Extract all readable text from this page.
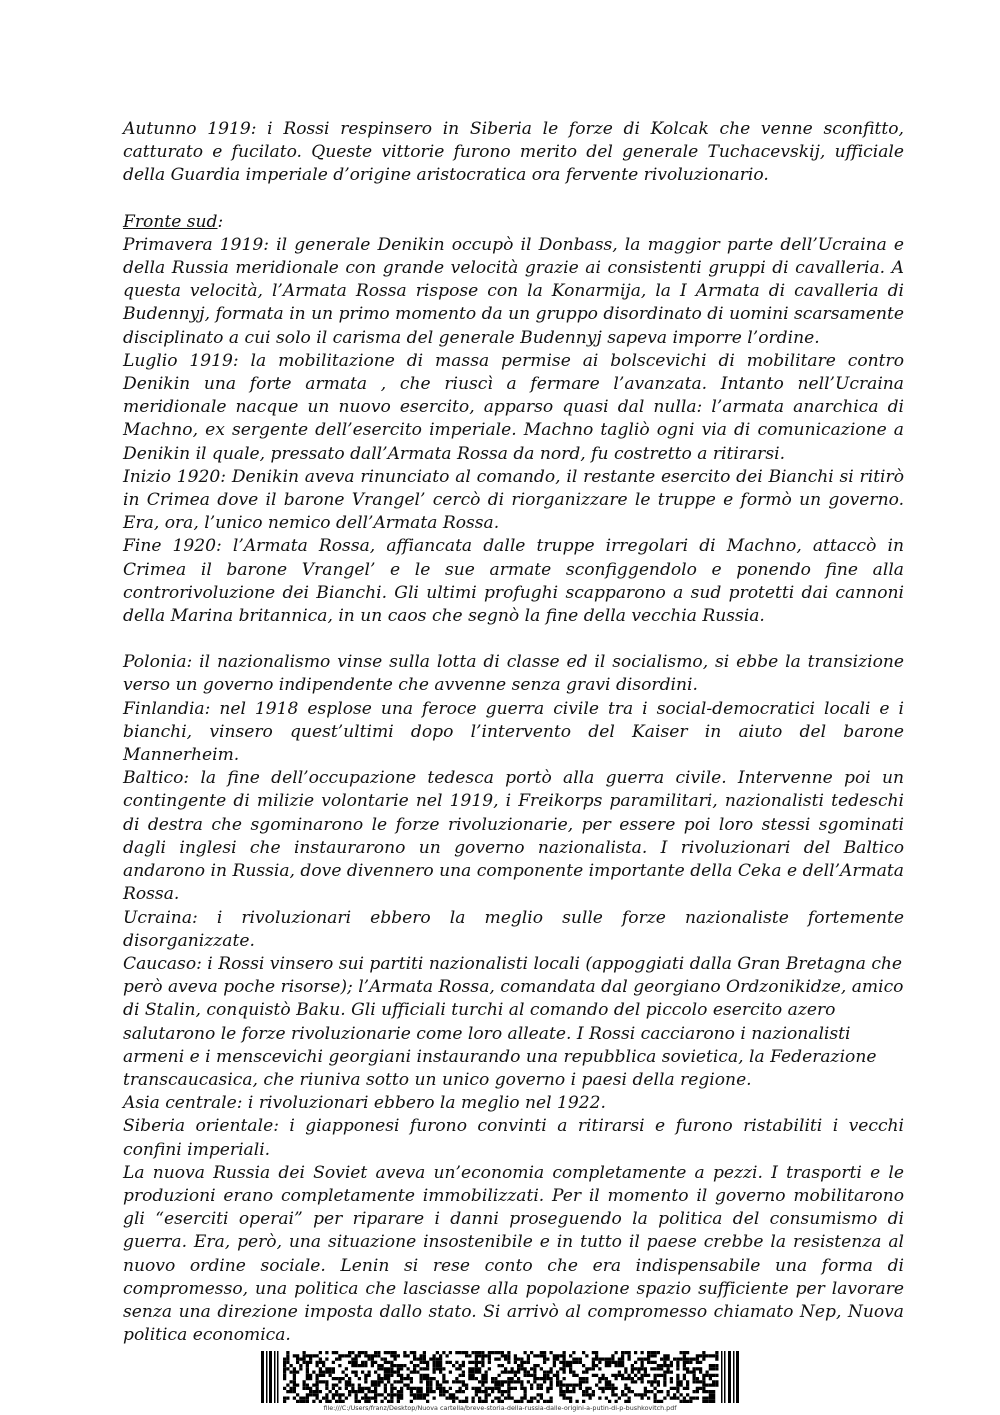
Autunno 1919: i Rossi respinsero in Siberia le forze di Kolcak che venne sconfitto, catturato e fucilato. Queste vittorie furono merito del generale Tuchacevskij, ufficiale della Guardia imperiale d’origine aristocratica ora fervente rivoluzionario.

Fronte sud:

Primavera 1919: il generale Denikin occupò il Donbass, la maggior parte dell’Ucraina e della Russia meridionale con grande velocità grazie ai consistenti gruppi di cavalleria. A questa velocità, l’Armata Rossa rispose con la Konarmija, la I Armata di cavalleria di Budennyj, formata in un primo momento da un gruppo disordinato di uomini scarsamente disciplinato a cui solo il carisma del generale Budennyj sapeva imporre l’ordine.

Luglio 1919: la mobilitazione di massa permise ai bolscevichi di mobilitare contro Denikin una forte armata , che riuscì a fermare l’avanzata. Intanto nell’Ucraina meridionale nacque un nuovo esercito, apparso quasi dal nulla: l’armata anarchica di Machno, ex sergente dell’esercito imperiale. Machno tagliò ogni via di comunicazione a Denikin il quale, pressato dall’Armata Rossa da nord, fu costretto a ritirarsi.

Inizio 1920: Denikin aveva rinunciato al comando, il restante esercito dei Bianchi si ritirò in Crimea dove il barone Vrangel’ cercò di riorganizzare le truppe e formò un governo. Era, ora, l’unico nemico dell’Armata Rossa.

Fine 1920: l’Armata Rossa, affiancata dalle truppe irregolari di Machno, attaccò in Crimea il barone Vrangel’ e le sue armate sconfiggendolo e ponendo fine alla controrivoluzione dei Bianchi. Gli ultimi profughi scapparono a sud protetti dai cannoni della Marina britannica, in un caos che segnò la fine della vecchia Russia.

Polonia: il nazionalismo vinse sulla lotta di classe ed il socialismo, si ebbe la transizione verso un governo indipendente che avvenne senza gravi disordini.

Finlandia: nel 1918 esplose una feroce guerra civile tra i social-democratici locali e i bianchi, vinsero quest’ultimi dopo l’intervento del Kaiser in aiuto del barone Mannerheim.

Baltico: la fine dell’occupazione tedesca portò alla guerra civile. Intervenne poi un contingente di milizie volontarie nel 1919, i Freikorps paramilitari, nazionalisti tedeschi di destra che sgominarono le forze rivoluzionarie, per essere poi loro stessi sgominati dagli inglesi che instaurarono un governo nazionalista. I rivoluzionari del Baltico andarono in Russia, dove divennero una componente importante della Ceka e dell’Armata Rossa.

Ucraina: i rivoluzionari ebbero la meglio sulle forze nazionaliste fortemente disorganizzate.

Caucaso: i Rossi vinsero sui partiti nazionalisti locali (appoggiati dalla Gran Bretagna che però aveva poche risorse); l’Armata Rossa, comandata dal georgiano Ordzonikidze, amico di Stalin, conquistò Baku. Gli ufficiali turchi al comando del piccolo esercito azero salutarono le forze rivoluzionarie come loro alleate. I Rossi cacciarono i nazionalisti armeni e i menscevichi georgiani instaurando una repubblica sovietica, la Federazione transcaucasica, che riuniva sotto un unico governo i paesi della regione.

Asia centrale: i rivoluzionari ebbero la meglio nel 1922.

Siberia orientale: i giapponesi furono convinti a ritirarsi e furono ristabiliti i vecchi confini imperiali.

La nuova Russia dei Soviet aveva un’economia completamente a pezzi. I trasporti e le produzioni erano completamente immobilizzati. Per il momento il governo mobilitarono gli “eserciti operai” per riparare i danni proseguendo la politica del consumismo di guerra. Era, però, una situazione insostenibile e in tutto il paese crebbe la resistenza al nuovo ordine sociale. Lenin si rese conto che era indispensabile una forma di compromesso, una politica che lasciasse alla popolazione spazio sufficiente per lavorare senza una direzione imposta dallo stato. Si arrivò al compromesso chiamato Nep, Nuova politica economica.

file:///C:/Users/franz/Desktop/Nuova cartella/breve-storia-della-russia-dalle-origini-a-putin-di-p-bushkovitch.pdf
